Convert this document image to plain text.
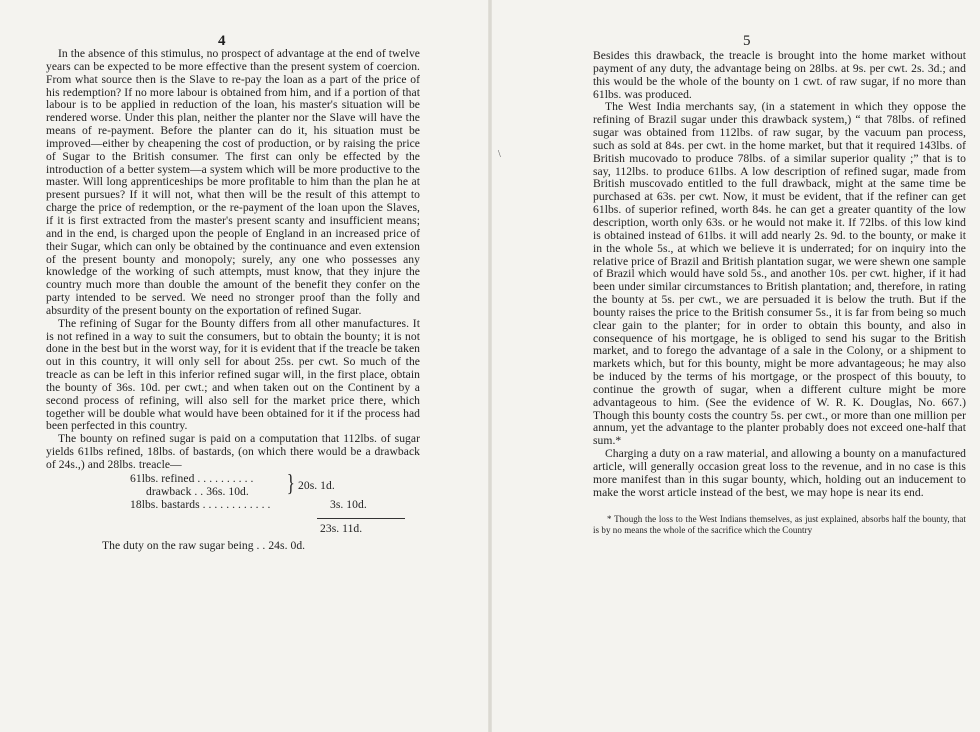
4

In the absence of this stimulus, no prospect of advantage at the end of twelve years can be expected to be more effective than the present system of coercion. From what source then is the Slave to re-pay the loan as a part of the price of his redemption? If no more labour is obtained from him, and if a portion of that labour is to be applied in reduction of the loan, his master's situation will be rendered worse. Under this plan, neither the planter nor the Slave will have the means of re-payment. Before the planter can do it, his situation must be improved—either by cheapening the cost of production, or by raising the price of Sugar to the British consumer. The first can only be effected by the introduction of a better system—a system which will be more productive to the master. Will long apprenticeships be more profitable to him than the plan he at present pursues? If it will not, what then will be the result of this attempt to charge the price of redemption, or the re-payment of the loan upon the Slaves, if it is first extracted from the master's present scanty and insufficient means; and in the end, is charged upon the people of England in an increased price of their Sugar, which can only be obtained by the continuance and even extension of the present bounty and monopoly; surely, any one who possesses any knowledge of the working of such attempts, must know, that they injure the country much more than double the amount of the benefit they confer on the party intended to be served. We need no stronger proof than the folly and absurdity of the present bounty on the exportation of refined Sugar.

The refining of Sugar for the Bounty differs from all other manufactures. It is not refined in a way to suit the consumers, but to obtain the bounty; it is not done in the best but in the worst way, for it is evident that if the treacle be taken out in this country, it will only sell for about 25s. per cwt. So much of the treacle as can be left in this inferior refined sugar will, in the first place, obtain the bounty of 36s. 10d. per cwt.; and when taken out on the Continent by a second process of refining, will also sell for the market price there, which together will be double what would have been obtained for it if the process had been perfected in this country.

The bounty on refined sugar is paid on a computation that 112lbs. of sugar yields 61lbs refined, 18lbs. of bastards, (on which there would be a drawback of 24s.,) and 28lbs. treacle—

61lbs. refined . . . . . . . . . .
drawback . . 36s. 10d.	} 20s. 1d.
18lbs. bastards . . . . . . . . . . . .	3s. 10d.
23s. 11d.
The duty on the raw sugar being . . 24s. 0d.
\
5

Besides this drawback, the treacle is brought into the home market without payment of any duty, the advantage being on 28lbs. at 9s. per cwt. 2s. 3d.; and this would be the whole of the bounty on 1 cwt. of raw sugar, if no more than 61lbs. was produced.

The West India merchants say, (in a statement in which they oppose the refining of Brazil sugar under this drawback system,) “ that 78lbs. of refined sugar was obtained from 112lbs. of raw sugar, by the vacuum pan process, such as sold at 84s. per cwt. in the home market, but that it required 143lbs. of British mucovado to produce 78lbs. of a similar superior quality ;” that is to say, 112lbs. to produce 61lbs. A low description of refined sugar, made from British muscovado entitled to the full drawback, might at the same time be purchased at 63s. per cwt. Now, it must be evident, that if the refiner can get 61lbs. of superior refined, worth 84s. he can get a greater quantity of the low description, worth only 63s. or he would not make it. If 72lbs. of this low kind is obtained instead of 61lbs. it will add nearly 2s. 9d. to the bounty, or make it in the whole 5s., at which we believe it is underrated; for on inquiry into the relative price of Brazil and British plantation sugar, we were shewn one sample of Brazil which would have sold 5s., and another 10s. per cwt. higher, if it had been under similar circumstances to British plantation; and, therefore, in rating the bounty at 5s. per cwt., we are persuaded it is below the truth. But if the bounty raises the price to the British consumer 5s., it is far from being so much clear gain to the planter; for in order to obtain this bounty, and also in consequence of his mortgage, he is obliged to send his sugar to the British market, and to forego the advantage of a sale in the Colony, or a shipment to markets which, but for this bounty, might be more advantageous; he may also be induced by the terms of his mortgage, or the prospect of this bouuty, to continue the growth of sugar, when a different culture might be more advantageous to him. (See the evidence of W. R. K. Douglas, No. 667.) Though this bounty costs the country 5s. per cwt., or more than one million per annum, yet the advantage to the planter probably does not exceed one-half that sum.*

Charging a duty on a raw material, and allowing a bounty on a manufactured article, will generally occasion great loss to the revenue, and in no case is this more manifest than in this sugar bounty, which, holding out an inducement to make the worst article instead of the best, we may hope is near its end.

* Though the loss to the West Indians themselves, as just explained, absorbs half the bounty, that is by no means the whole of the sacrifice which the Country
